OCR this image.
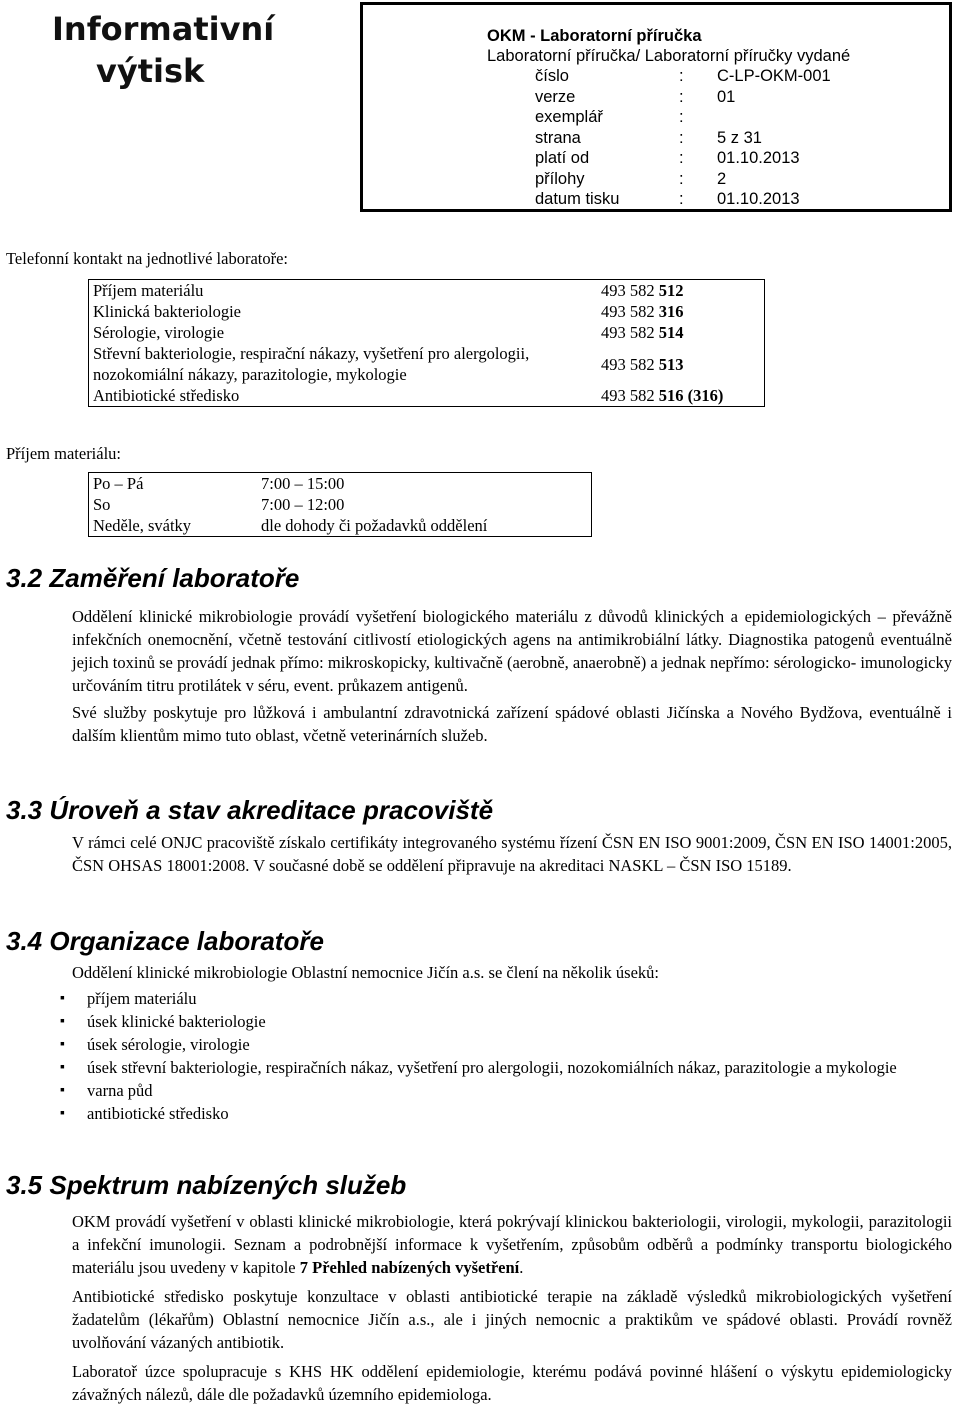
Informativní
výtisk
OKM - Laboratorní příručka
Laboratorní příručka/ Laboratorní příručky vydané
číslo	: C-LP-OKM-001
verze	: 01
exemplář	:
strana	: 5 z 31
platí od	: 01.10.2013
přílohy	: 2
datum tisku	: 01.10.2013
Telefonní kontakt na jednotlivé laboratoře:
Příjem materiálu	493 582 512
Klinická bakteriologie	493 582 316
Sérologie, virologie	493 582 514
Střevní bakteriologie, respirační nákazy, vyšetření pro alergologii, nozokomiální nákazy, parazitologie, mykologie	493 582 513
Antibiotické středisko	493 582 516 (316)
Příjem materiálu:
Po – Pá	7:00 – 15:00
So	7:00 – 12:00
Neděle, svátky	dle dohody či požadavků oddělení
3.2 Zaměření laboratoře
Oddělení klinické mikrobiologie provádí vyšetření biologického materiálu z důvodů klinických a epidemiologických – převážně infekčních onemocnění, včetně testování citlivostí etiologických agens na antimikrobiální látky. Diagnostika patogenů eventuálně jejich toxinů se provádí jednak přímo: mikroskopicky, kultivačně (aerobně, anaerobně) a jednak nepřímo: sérologicko- imunologicky určováním titru protilátek v séru, event. průkazem antigenů.
Své služby poskytuje pro lůžková i ambulantní zdravotnická zařízení spádové oblasti Jičínska a Nového Bydžova, eventuálně i dalším klientům mimo tuto oblast, včetně veterinárních služeb.
3.3 Úroveň a stav akreditace pracoviště
V rámci celé ONJC pracoviště získalo certifikáty integrovaného systému řízení ČSN EN ISO 9001:2009, ČSN EN ISO 14001:2005, ČSN OHSAS 18001:2008. V současné době se oddělení připravuje na akreditaci NASKL – ČSN ISO 15189.
3.4 Organizace laboratoře
Oddělení klinické mikrobiologie Oblastní nemocnice Jičín a.s. se člení na několik úseků:
▪ příjem materiálu
▪ úsek klinické bakteriologie
▪ úsek sérologie, virologie
▪ úsek střevní bakteriologie, respiračních nákaz, vyšetření pro alergologii, nozokomiálních nákaz, parazitologie a mykologie
▪ varna půd
▪ antibiotické středisko
3.5 Spektrum nabízených služeb
OKM provádí vyšetření v oblasti klinické mikrobiologie, která pokrývají klinickou bakteriologii, virologii, mykologii, parazitologii a infekční imunologii. Seznam a podrobnější informace k vyšetřením, způsobům odběrů a podmínky transportu biologického materiálu jsou uvedeny v kapitole 7 Přehled nabízených vyšetření.
Antibiotické středisko poskytuje konzultace v oblasti antibiotické terapie na základě výsledků mikrobiologických vyšetření žadatelům (lékařům) Oblastní nemocnice Jičín a.s., ale i jiných nemocnic a praktikům ve spádové oblasti. Provádí rovněž uvolňování vázaných antibiotik.
Laboratoř úzce spolupracuje s KHS HK oddělení epidemiologie, kterému podává povinné hlášení o výskytu epidemiologicky závažných nálezů, dále dle požadavků územního epidemiologa.
